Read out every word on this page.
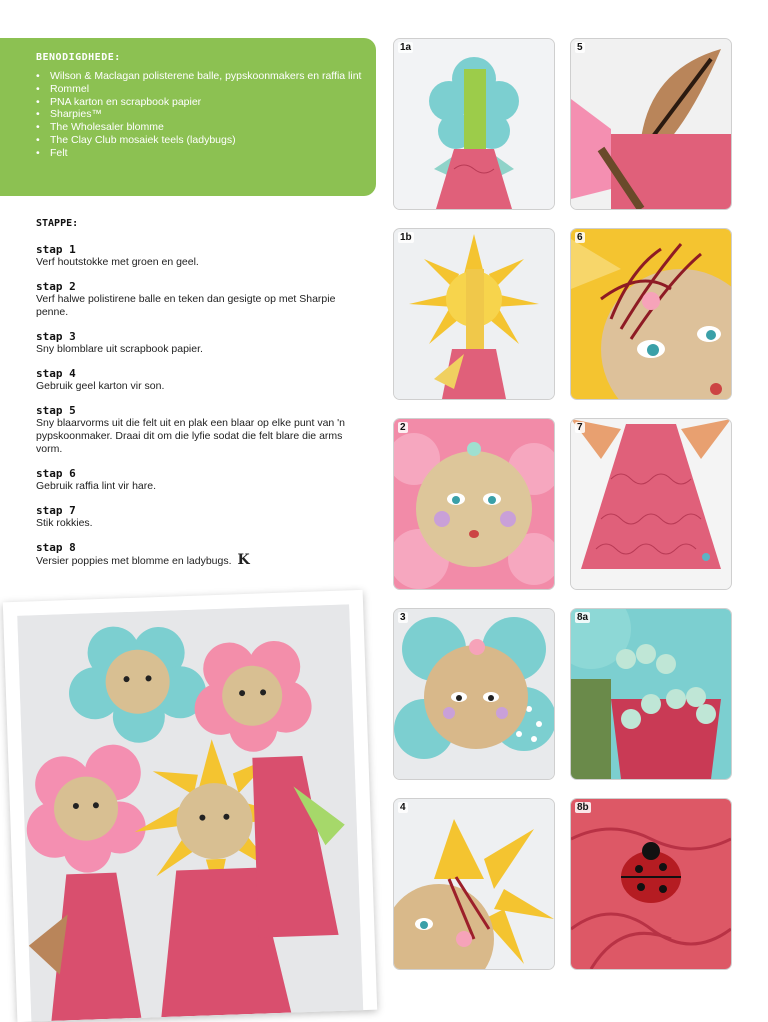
BENODIGDHEDE:
• Wilson & Maclagan polisterene balle, pypskoonmakers en raffia lint
• Rommel
• PNA karton en scrapbook papier
• Sharpies™
• The Wholesaler blomme
• The Clay Club mosaiek teels (ladybugs)
• Felt
STAPPE:
stap 1
Verf houtstokke met groen en geel.
stap 2
Verf halwe polistirene balle en teken dan gesigte op met Sharpie penne.
stap 3
Sny blomblare uit scrapbook papier.
stap 4
Gebruik geel karton vir son.
stap 5
Sny blaarvorms uit die felt uit en plak een blaar op elke punt van 'n pypskoonmaker. Draai dit om die lyfie sodat die felt blare die arms vorm.
stap 6
Gebruik raffia lint vir hare.
stap 7
Stik rokkies.
stap 8
Versier poppies met blomme en ladybugs. K
1a
1b
2
3
4
5
6
7
8a
8b
